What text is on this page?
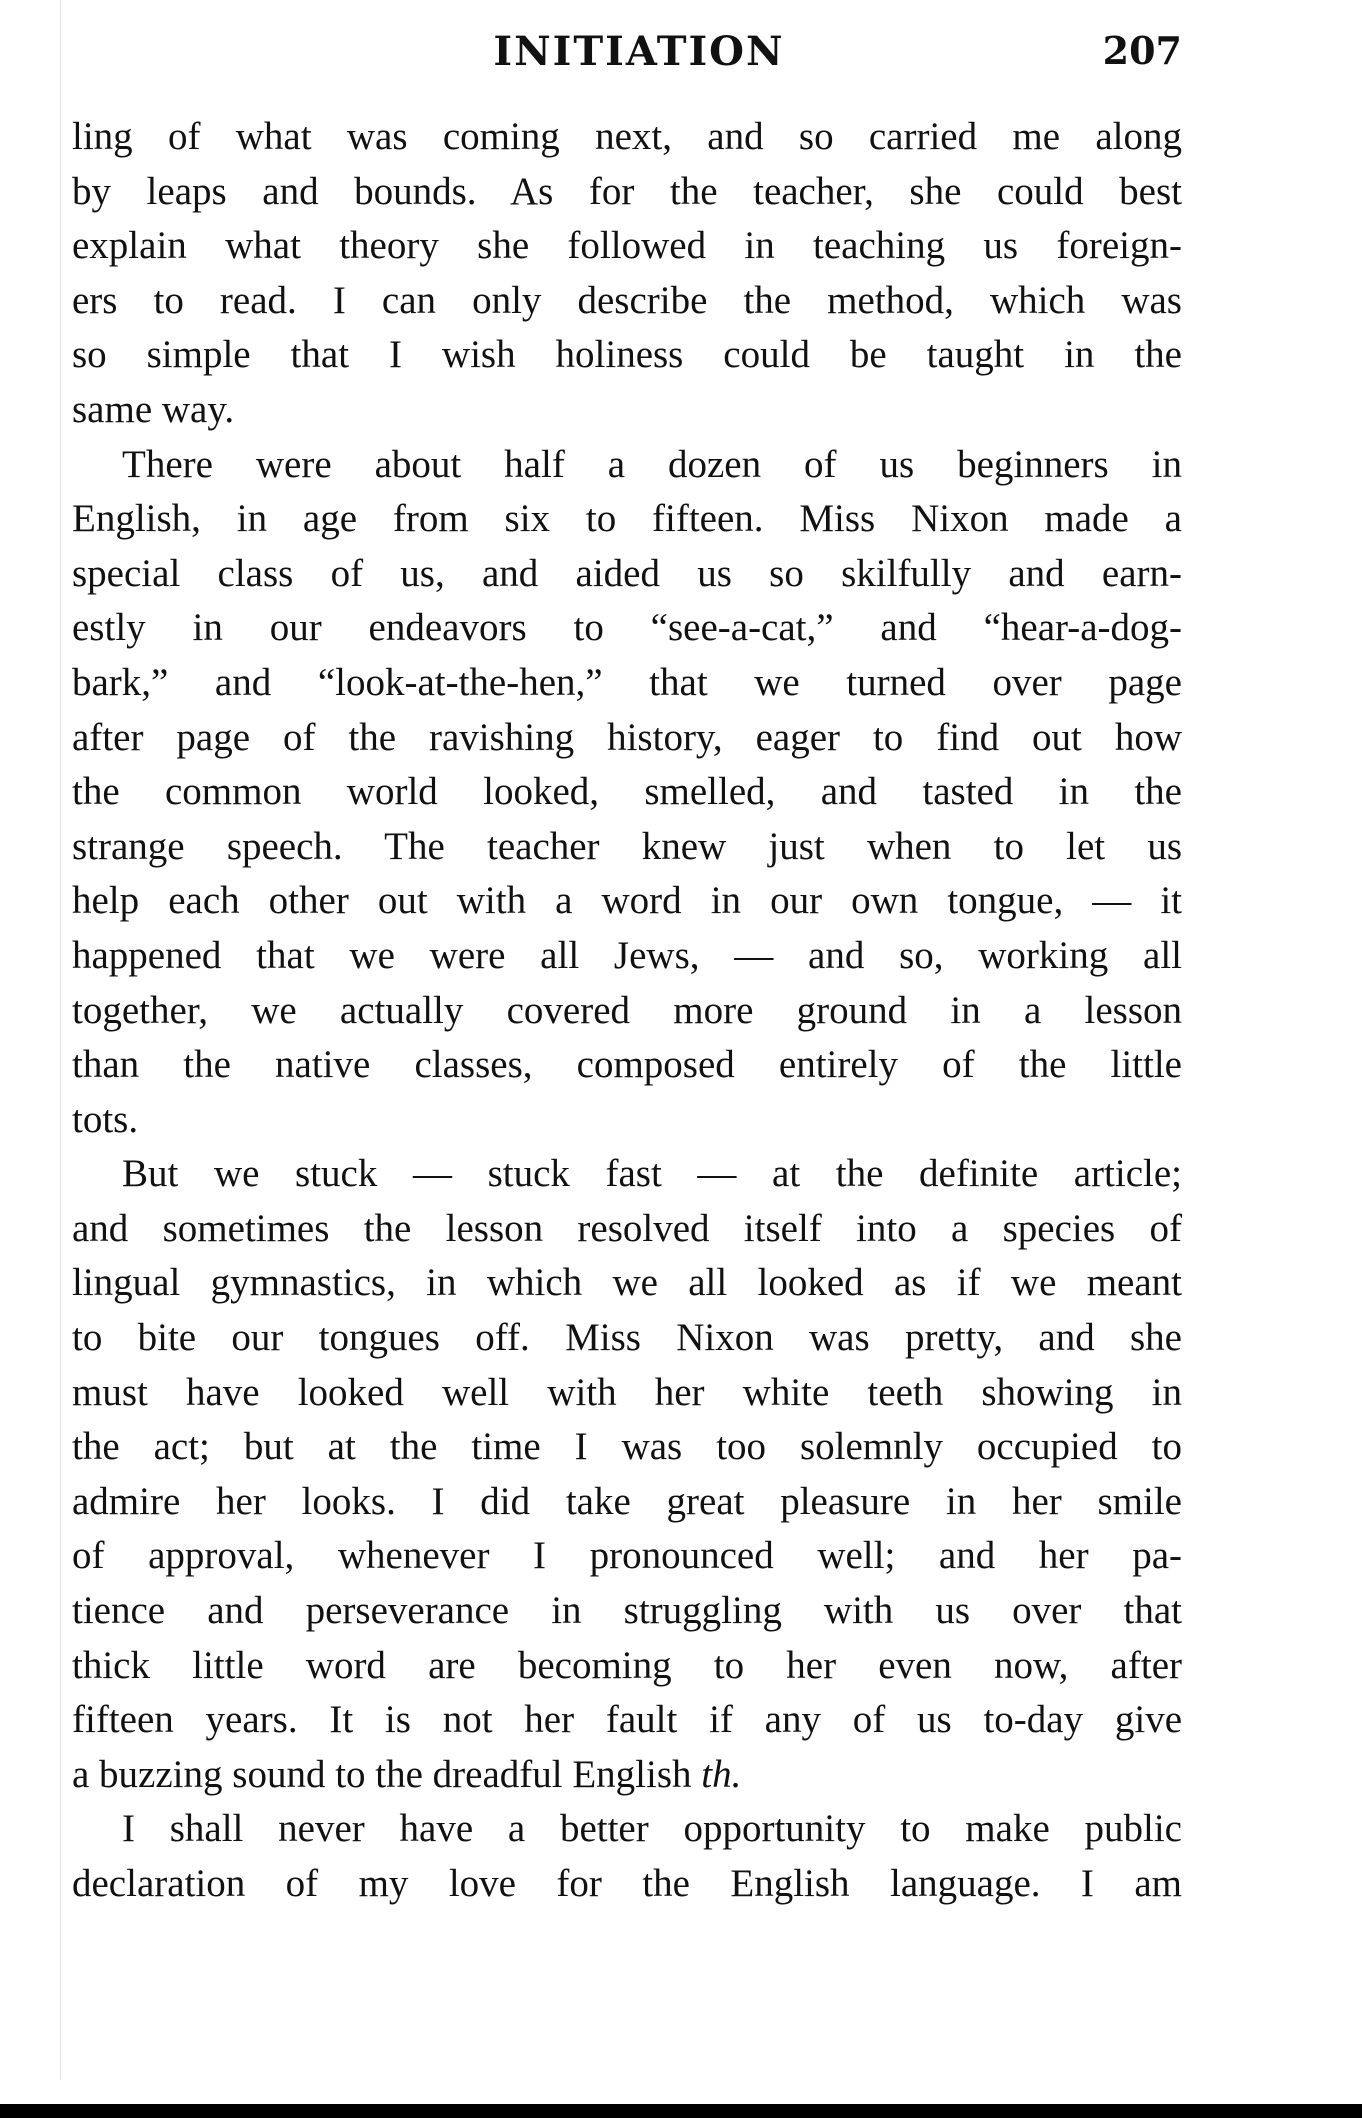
INITIATION	207
ling of what was coming next, and so carried me along
by leaps and bounds. As for the teacher, she could best
explain what theory she followed in teaching us foreign-
ers to read. I can only describe the method, which was
so simple that I wish holiness could be taught in the
same way.
There were about half a dozen of us beginners in
English, in age from six to fifteen. Miss Nixon made a
special class of us, and aided us so skilfully and earn-
estly in our endeavors to “see-a-cat,” and “hear-a-dog-
bark,” and “look-at-the-hen,” that we turned over page
after page of the ravishing history, eager to find out how
the common world looked, smelled, and tasted in the
strange speech. The teacher knew just when to let us
help each other out with a word in our own tongue, — it
happened that we were all Jews, — and so, working all
together, we actually covered more ground in a lesson
than the native classes, composed entirely of the little
tots.
But we stuck — stuck fast — at the definite article;
and sometimes the lesson resolved itself into a species of
lingual gymnastics, in which we all looked as if we meant
to bite our tongues off. Miss Nixon was pretty, and she
must have looked well with her white teeth showing in
the act; but at the time I was too solemnly occupied to
admire her looks. I did take great pleasure in her smile
of approval, whenever I pronounced well; and her pa-
tience and perseverance in struggling with us over that
thick little word are becoming to her even now, after
fifteen years. It is not her fault if any of us to-day give
a buzzing sound to the dreadful English th.
I shall never have a better opportunity to make public
declaration of my love for the English language. I am
